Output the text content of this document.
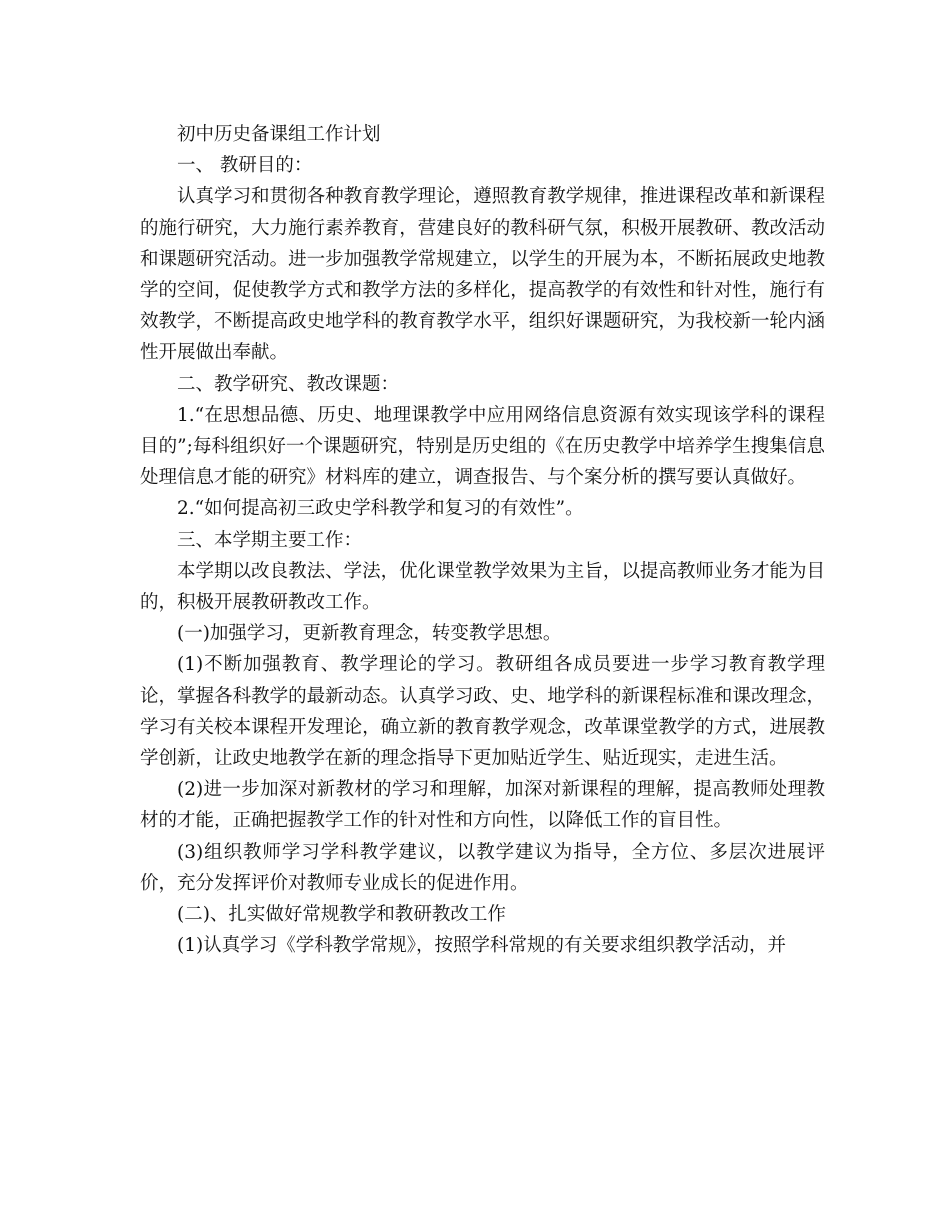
初中历史备课组工作计划

一、 教研目的：

认真学习和贯彻各种教育教学理论，遵照教育教学规律，推进课程改革和新课程的施行研究，大力施行素养教育，营建良好的教科研气氛，积极开展教研、教改活动和课题研究活动。进一步加强教学常规建立，以学生的开展为本，不断拓展政史地教学的空间，促使教学方式和教学方法的多样化，提高教学的有效性和针对性，施行有效教学，不断提高政史地学科的教育教学水平，组织好课题研究，为我校新一轮内涵性开展做出奉献。

二、教学研究、教改课题：

1.“在思想品德、历史、地理课教学中应用网络信息资源有效实现该学科的课程目的”;每科组织好一个课题研究，特别是历史组的《在历史教学中培养学生搜集信息处理信息才能的研究》材料库的建立，调查报告、与个案分析的撰写要认真做好。

2.“如何提高初三政史学科教学和复习的有效性”。

三、本学期主要工作：

本学期以改良教法、学法，优化课堂教学效果为主旨，以提高教师业务才能为目的，积极开展教研教改工作。

(一)加强学习，更新教育理念，转变教学思想。

(1)不断加强教育、教学理论的学习。教研组各成员要进一步学习教育教学理论，掌握各科教学的最新动态。认真学习政、史、地学科的新课程标准和课改理念，学习有关校本课程开发理论，确立新的教育教学观念，改革课堂教学的方式，进展教学创新，让政史地教学在新的理念指导下更加贴近学生、贴近现实，走进生活。

(2)进一步加深对新教材的学习和理解，加深对新课程的理解，提高教师处理教材的才能，正确把握教学工作的针对性和方向性，以降低工作的盲目性。

(3)组织教师学习学科教学建议，以教学建议为指导，全方位、多层次进展评价，充分发挥评价对教师专业成长的促进作用。

(二)、扎实做好常规教学和教研教改工作

(1)认真学习《学科教学常规》，按照学科常规的有关要求组织教学活动，并
